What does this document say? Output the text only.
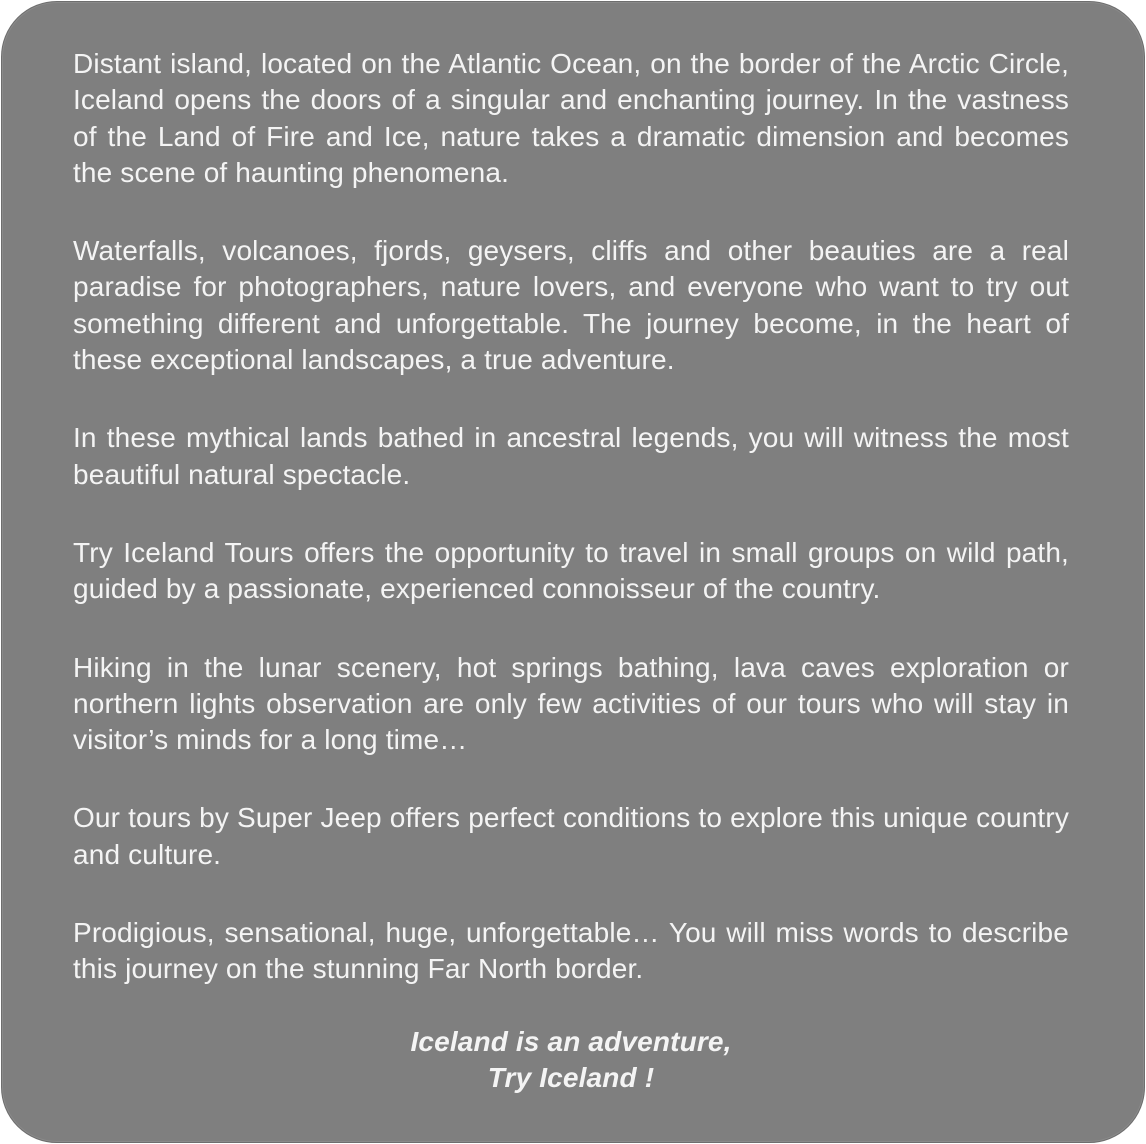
Distant island, located on the Atlantic Ocean, on the border of the Arctic Circle, Iceland opens the doors of a singular and enchanting journey. In the vastness of the Land of Fire and Ice, nature takes a dramatic dimension and becomes the scene of haunting phenomena.

Waterfalls, volcanoes, fjords, geysers, cliffs and other beauties are a real paradise for photographers, nature lovers, and everyone who want to try out something different and unforgettable. The journey become, in the heart of these exceptional landscapes, a true adventure.

In these mythical lands bathed in ancestral legends, you will witness the most beautiful natural spectacle.

Try Iceland Tours offers the opportunity to travel in small groups on wild path, guided by a passionate, experienced connoisseur of the country.

Hiking in the lunar scenery, hot springs bathing, lava caves exploration or northern lights observation are only few activities of our tours who will stay in visitor’s minds for a long time…

Our tours by Super Jeep offers perfect conditions to explore this unique country and culture.

Prodigious, sensational, huge, unforgettable… You will miss words to describe this journey on the stunning Far North border.

Iceland is an adventure,
Try Iceland !
